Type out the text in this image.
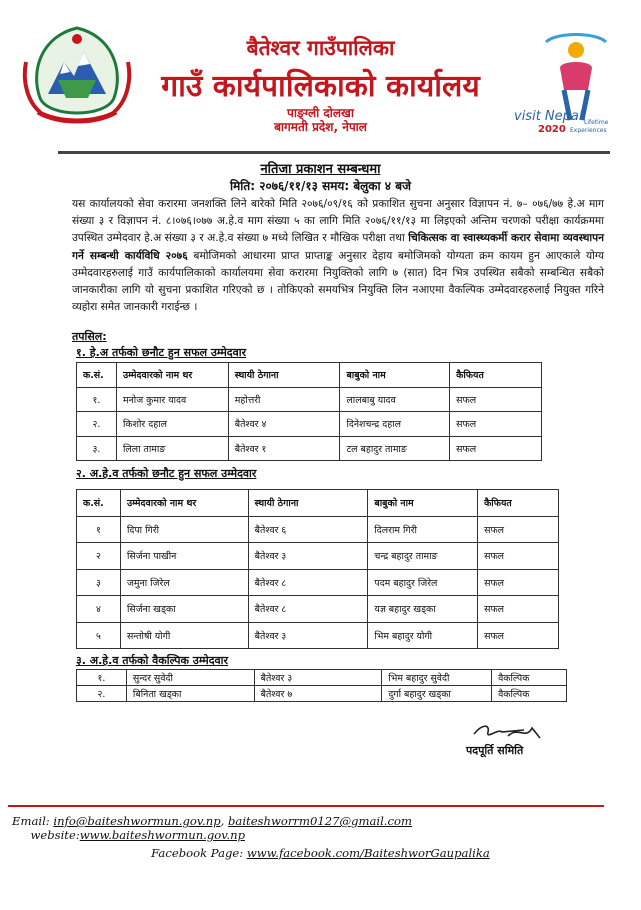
बैतेश्वर गाउँपालिका
गाउँ कार्यपालिकाको कार्यालय
पाङ्ग्ली दोलखा
बागमती प्रदेश, नेपाल
visit Nepal
2020
Lifetime
Experiences
नतिजा प्रकाशन सम्बन्धमा
मिति: २०७६/११/१३ समय: बेलुका ४ बजे
यस कार्यालयको सेवा करारमा जनशक्ति लिने बारेको मिति २०७६/०९/१६ को प्रकाशित सुचना अनुसार विज्ञापन नं. ७– ०७६/७७ हे.अ माग संख्या ३ र विज्ञापन नं. ८।०७६।०७७ अ.हे.व माग संख्या ५ का लागि मिति २०७६/११/१३ मा लिइएको अन्तिम चरणको परीक्षा कार्यक्रममा उपस्थित उम्मेदवार हे.अ संख्या ३ र अ.हे.व संख्या ७ मध्ये लिखित र मौखिक परीक्षा तथा चिकित्सक वा स्वास्थ्यकर्मी करार सेवामा व्यवस्थापन गर्ने सम्बन्धी कार्यविधि २०७६ बमोजिमको आधारमा प्राप्त प्राप्ताङ्क अनुसार देहाय बमोजिमको योग्यता क्रम कायम हुन आएकाले योग्य उम्मेदवारहरुलाई गाउँ कार्यपालिकाको कार्यालयमा सेवा करारमा नियुक्तिको लागि ७ (सात) दिन भित्र उपस्थित सबैको सम्बन्धित सबैको जानकारीका लागि यो सुचना प्रकाशित गरिएको छ । तोकिएको समयभित्र नियुक्ति लिन नआएमा वैकल्पिक उम्मेदवारहरुलाई नियुक्त गरिने व्यहोरा समेत जानकारी गराईन्छ ।
तपसिल:
१. हे.अ तर्फको छनौट हुन सफल उम्मेदवार
क.सं.	उम्मेदवारको नाम थर	स्थायी ठेगाना	बाबुको नाम	कैफियत
१.	मनोज कुमार यादव	महोत्तरी	लालबाबु यादव	सफल
२.	किशोर दहाल	बैतेश्वर ४	दिनेशचन्द्र दहाल	सफल
३.	लिला तामाङ	बैतेश्वर १	टल बहादुर तामाङ	सफल
२. अ.हे.व तर्फको छनौट हुन सफल उम्मेदवार
क.सं.	उम्मेदवारको नाम थर	स्थायी ठेगाना	बाबुको नाम	कैफियत
१	दिपा गिरी	बैतेश्वर ६	दिलराम गिरी	सफल
२	सिर्जना पाखीन	बैतेश्वर ३	चन्द्र बहादुर तामाङ	सफल
३	जमुना जिरेल	बैतेश्वर ८	पदम बहादुर जिरेल	सफल
४	सिर्जना खड्का	बैतेश्वर ८	यज्ञ बहादुर खड्का	सफल
५	सन्तोषी योगी	बैतेश्वर ३	भिम बहादुर योगी	सफल
३. अ.हे.व तर्फको वैकल्पिक उम्मेदवार
१.	सुन्दर सुवेदी	बैतेश्वर ३	भिम बहादुर सुवेदी	वैकल्पिक
२.	बिनिता खड्का	बैतेश्वर ७	दुर्गा बहादुर खड्का	वैकल्पिक
पदपूर्ति समिति
Email: info@baiteshwormun.gov.np, baiteshworrm0127@gmail.com      website:www.baiteshwormun.gov.np
Facebook Page: www.facebook.com/BaiteshworGaupalika
